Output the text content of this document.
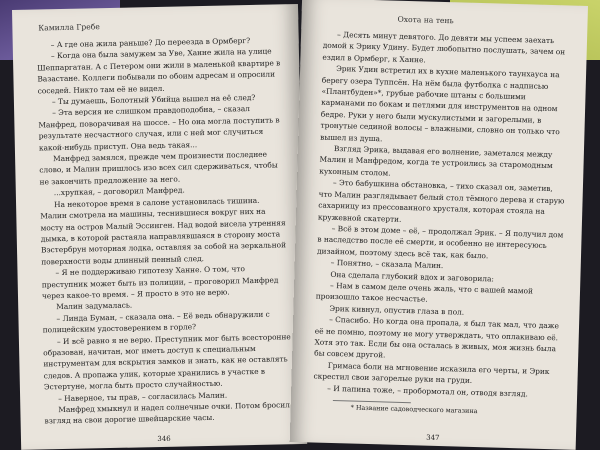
Камилла Гребе

– А где она жила раньше? До переезда в Ормберг?

– Когда она была замужем за Уве, Ханне жила на улице Шеппаргатан. А с Петером они жили в маленькой квартире в Вазастане. Коллеги побывали по обоим адресам и опросили соседей. Никто там её не видел.

– Ты думаешь, Болотный Убийца вышел на её след?

– Эта версия не слишком правдоподобна, – сказал Манфред, поворачивая на шоссе. – Но она могла поступить в результате несчастного случая, или с ней мог случиться какой-нибудь приступ. Она ведь такая...

Манфред замялся, прежде чем произнести последнее слово, и Малин пришлось изо всех сил сдерживаться, чтобы не закончить предложение за него.

...хрупкая, – договорил Манфред.

На некоторое время в салоне установилась тишина. Малин смотрела на машины, теснившиеся вокруг них на мосту на остров Малый Эссинген. Над водой висела утренняя дымка, в которой растаяла направлявшаяся в сторону моста Вэстербрун моторная лодка, оставляя за собой на зеркальной поверхности воды длинный пенный след.

– Я не поддерживаю гипотезу Ханне. О том, что преступник может быть из полиции, – проговорил Манфред через какое-то время. – Я просто в это не верю.

Малин задумалась.

– Линда Буман, – сказала она. – Её ведь обнаружили с полицейским удостоверением в горле?

– И всё равно я не верю. Преступник мог быть всесторонне образован, начитан, мог иметь доступ к специальным инструментам для вскрытия замков и знать, как не оставлять следов. А пропажа улик, которые хранились в участке в Эстертуне, могла быть просто случайностью.

– Наверное, ты прав, – согласилась Малин.

Манфред хмыкнул и надел солнечные очки. Потом бросил взгляд на свои дорогие швейцарские часы.

346
Охота на тень

– Десять минут девятого. До девяти мы успеем заехать домой к Эрику Удину. Будет любопытно послушать, зачем он ездил в Ормберг, к Ханне.

Эрик Удин встретил их в кухне маленького таунхауса на берегу озера Туппсён. На нём была футболка с надписью «Плантбуден»*, грубые рабочие штаны с большими карманами по бокам и петлями для инструментов на одном бедре. Руки у него были мускулистыми и загорелыми, в тронутые сединой волосы – влажными, словно он только что вышел из душа.

Взгляд Эрика, выдавая его волнение, заметался между Малин и Манфредом, когда те устроились за старомодным кухонным столом.

– Это бабушкина обстановка, – тихо сказал он, заметив, что Малин разглядывает белый стол тёмного дерева и старую сахарницу из прессованного хрусталя, которая стояла на кружевной скатерти.

– Всё в этом доме – её, – продолжал Эрик. – Я получил дом в наследство после её смерти, и особенно не интересуюсь дизайном, поэтому здесь всё так, как было.

– Понятно, – сказала Малин.

Она сделала глубокий вдох и заговорила:

– Нам в самом деле очень жаль, что с вашей мамой произошло такое несчастье.

Эрик кивнул, опустив глаза в пол.

– Спасибо. Но когда она пропала, я был так мал, что даже её не помню, поэтому не могу утверждать, что оплакиваю её. Хотя это так. Если бы она осталась в живых, моя жизнь была бы совсем другой.

Гримаса боли на мгновение исказила его черты, и Эрик скрестил свои загорелые руки на груди.

– И папина тоже, – пробормотал он, отводя взгляд.

* Название садоводческого магазина
347
